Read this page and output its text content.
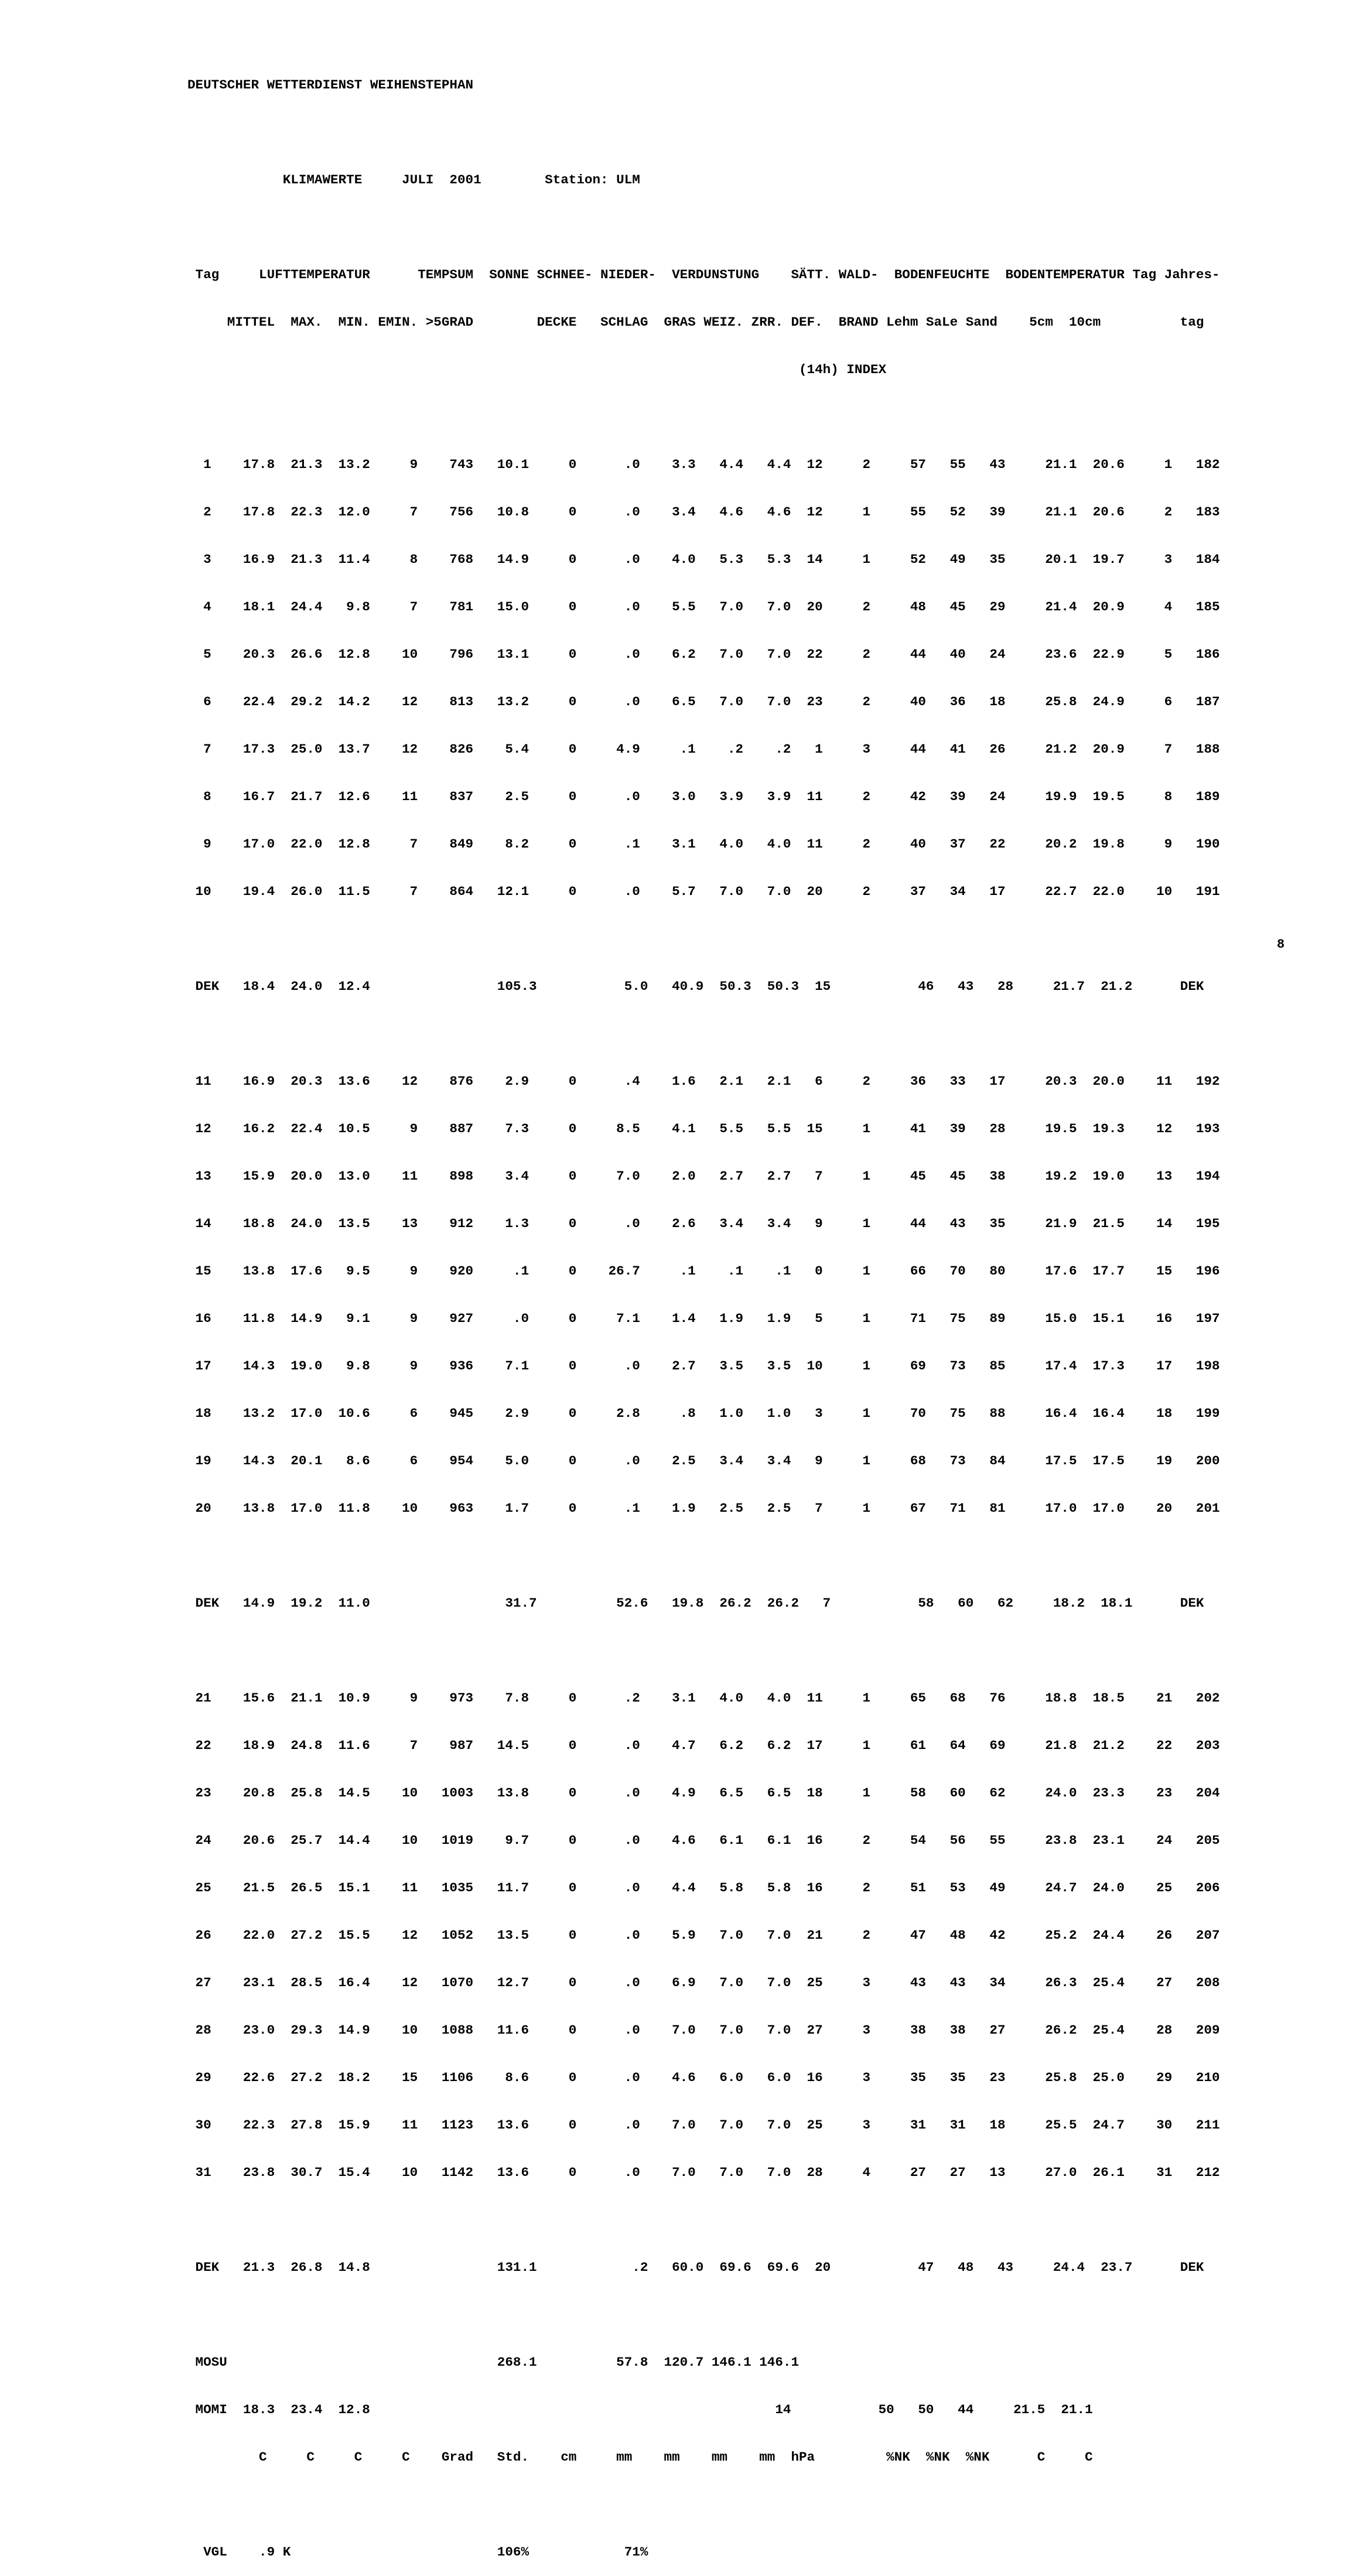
DEUTSCHER WETTERDIENST WEIHENSTEPHAN

KLIMAWERTE     JULI  2001        Station: ULM

Tag     LUFTTEMPERATUR      TEMPSUM  SONNE SCHNEE- NIEDER-  VERDUNSTUNG    SÄTT. WALD-  BODENFEUCHTE  BODENTEMPERATUR Tag Jahres-

MITTEL  MAX.  MIN. EMIN. >5GRAD        DECKE   SCHLAG  GRAS WEIZ. ZRR. DEF.  BRAND Lehm SaLe Sand    5cm  10cm          tag

(14h) INDEX

1    17.8  21.3  13.2     9    743   10.1     0      .0    3.3   4.4   4.4  12     2     57   55   43     21.1  20.6     1   182

2    17.8  22.3  12.0     7    756   10.8     0      .0    3.4   4.6   4.6  12     1     55   52   39     21.1  20.6     2   183

3    16.9  21.3  11.4     8    768   14.9     0      .0    4.0   5.3   5.3  14     1     52   49   35     20.1  19.7     3   184

4    18.1  24.4   9.8     7    781   15.0     0      .0    5.5   7.0   7.0  20     2     48   45   29     21.4  20.9     4   185

5    20.3  26.6  12.8    10    796   13.1     0      .0    6.2   7.0   7.0  22     2     44   40   24     23.6  22.9     5   186

6    22.4  29.2  14.2    12    813   13.2     0      .0    6.5   7.0   7.0  23     2     40   36   18     25.8  24.9     6   187

7    17.3  25.0  13.7    12    826    5.4     0     4.9     .1    .2    .2   1     3     44   41   26     21.2  20.9     7   188

8    16.7  21.7  12.6    11    837    2.5     0      .0    3.0   3.9   3.9  11     2     42   39   24     19.9  19.5     8   189

9    17.0  22.0  12.8     7    849    8.2     0      .1    3.1   4.0   4.0  11     2     40   37   22     20.2  19.8     9   190

10    19.4  26.0  11.5     7    864   12.1     0      .0    5.7   7.0   7.0  20     2     37   34   17     22.7  22.0    10   191

DEK   18.4  24.0  12.4                105.3           5.0   40.9  50.3  50.3  15           46   43   28     21.7  21.2      DEK

11    16.9  20.3  13.6    12    876    2.9     0      .4    1.6   2.1   2.1   6     2     36   33   17     20.3  20.0    11   192

12    16.2  22.4  10.5     9    887    7.3     0     8.5    4.1   5.5   5.5  15     1     41   39   28     19.5  19.3    12   193

13    15.9  20.0  13.0    11    898    3.4     0     7.0    2.0   2.7   2.7   7     1     45   45   38     19.2  19.0    13   194

14    18.8  24.0  13.5    13    912    1.3     0      .0    2.6   3.4   3.4   9     1     44   43   35     21.9  21.5    14   195

15    13.8  17.6   9.5     9    920     .1     0    26.7     .1    .1    .1   0     1     66   70   80     17.6  17.7    15   196

16    11.8  14.9   9.1     9    927     .0     0     7.1    1.4   1.9   1.9   5     1     71   75   89     15.0  15.1    16   197

17    14.3  19.0   9.8     9    936    7.1     0      .0    2.7   3.5   3.5  10     1     69   73   85     17.4  17.3    17   198

18    13.2  17.0  10.6     6    945    2.9     0     2.8     .8   1.0   1.0   3     1     70   75   88     16.4  16.4    18   199

19    14.3  20.1   8.6     6    954    5.0     0      .0    2.5   3.4   3.4   9     1     68   73   84     17.5  17.5    19   200

20    13.8  17.0  11.8    10    963    1.7     0      .1    1.9   2.5   2.5   7     1     67   71   81     17.0  17.0    20   201

DEK   14.9  19.2  11.0                 31.7          52.6   19.8  26.2  26.2   7           58   60   62     18.2  18.1      DEK

21    15.6  21.1  10.9     9    973    7.8     0      .2    3.1   4.0   4.0  11     1     65   68   76     18.8  18.5    21   202

22    18.9  24.8  11.6     7    987   14.5     0      .0    4.7   6.2   6.2  17     1     61   64   69     21.8  21.2    22   203

23    20.8  25.8  14.5    10   1003   13.8     0      .0    4.9   6.5   6.5  18     1     58   60   62     24.0  23.3    23   204

24    20.6  25.7  14.4    10   1019    9.7     0      .0    4.6   6.1   6.1  16     2     54   56   55     23.8  23.1    24   205

25    21.5  26.5  15.1    11   1035   11.7     0      .0    4.4   5.8   5.8  16     2     51   53   49     24.7  24.0    25   206

26    22.0  27.2  15.5    12   1052   13.5     0      .0    5.9   7.0   7.0  21     2     47   48   42     25.2  24.4    26   207

27    23.1  28.5  16.4    12   1070   12.7     0      .0    6.9   7.0   7.0  25     3     43   43   34     26.3  25.4    27   208

28    23.0  29.3  14.9    10   1088   11.6     0      .0    7.0   7.0   7.0  27     3     38   38   27     26.2  25.4    28   209

29    22.6  27.2  18.2    15   1106    8.6     0      .0    4.6   6.0   6.0  16     3     35   35   23     25.8  25.0    29   210

30    22.3  27.8  15.9    11   1123   13.6     0      .0    7.0   7.0   7.0  25     3     31   31   18     25.5  24.7    30   211

31    23.8  30.7  15.4    10   1142   13.6     0      .0    7.0   7.0   7.0  28     4     27   27   13     27.0  26.1    31   212

DEK   21.3  26.8  14.8                131.1            .2   60.0  69.6  69.6  20           47   48   43     24.4  23.7      DEK

MOSU                                  268.1          57.8  120.7 146.1 146.1

MOMI  18.3  23.4  12.8                                                   14           50   50   44     21.5  21.1

C     C     C     C    Grad   Std.    cm     mm    mm    mm    mm  hPa         %NK  %NK  %NK      C     C

VGL    .9 K                          106%            71%

8
